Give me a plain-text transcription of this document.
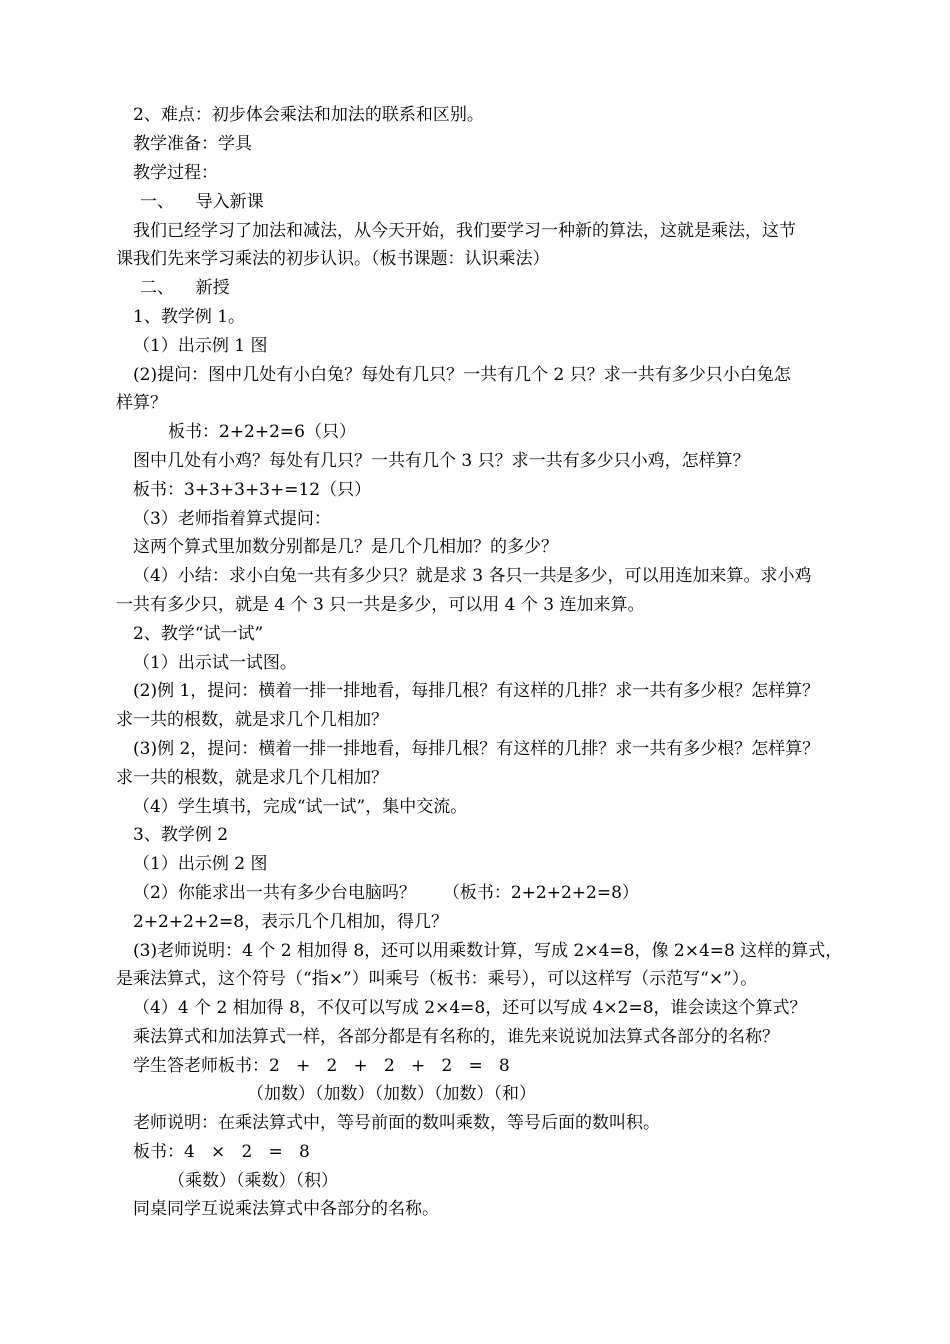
2、难点：初步体会乘法和加法的联系和区别。
教学准备：学具
教学过程：
一、    导入新课
我们已经学习了加法和减法，从今天开始，我们要学习一种新的算法，这就是乘法，这节
课我们先来学习乘法的初步认识。（板书课题：认识乘法）
二、    新授
1、教学例 1。
（1）出示例 1 图
(2)提问：图中几处有小白兔？每处有几只？一共有几个 2 只？求一共有多少只小白兔怎
样算？
板书：2+2+2=6（只）
图中几处有小鸡？每处有几只？一共有几个 3 只？求一共有多少只小鸡，怎样算？
板书：3+3+3+3+=12（只）
（3）老师指着算式提问：
这两个算式里加数分别都是几？是几个几相加？的多少？
（4）小结：求小白兔一共有多少只？就是求 3 各只一共是多少，可以用连加来算。求小鸡
一共有多少只，就是 4 个 3 只一共是多少，可以用 4 个 3 连加来算。
2、教学“试一试”
（1）出示试一试图。
(2)例 1，提问：横着一排一排地看，每排几根？有这样的几排？求一共有多少根？怎样算？
求一共的根数，就是求几个几相加？
(3)例 2，提问：横着一排一排地看，每排几根？有这样的几排？求一共有多少根？怎样算？
求一共的根数，就是求几个几相加？
（4）学生填书，完成“试一试”，集中交流。
3、教学例 2
（1）出示例 2 图
（2）你能求出一共有多少台电脑吗？     （板书：2+2+2+2=8）
2+2+2+2=8，表示几个几相加，得几？
(3)老师说明：4 个 2 相加得 8，还可以用乘数计算，写成 2×4=8，像 2×4=8 这样的算式，
是乘法算式，这个符号（“指×”）叫乘号（板书：乘号），可以这样写（示范写“×”）。
（4）4 个 2 相加得 8，不仅可以写成 2×4=8，还可以写成 4×2=8，谁会读这个算式？
乘法算式和加法算式一样，各部分都是有名称的，谁先来说说加法算式各部分的名称？
学生答老师板书：2   +   2   +   2   +   2   =   8
（加数）（加数）（加数）（加数）（和）
老师说明：在乘法算式中，等号前面的数叫乘数，等号后面的数叫积。
板书：4   ×   2   =   8
（乘数）（乘数）（积）
同桌同学互说乘法算式中各部分的名称。
